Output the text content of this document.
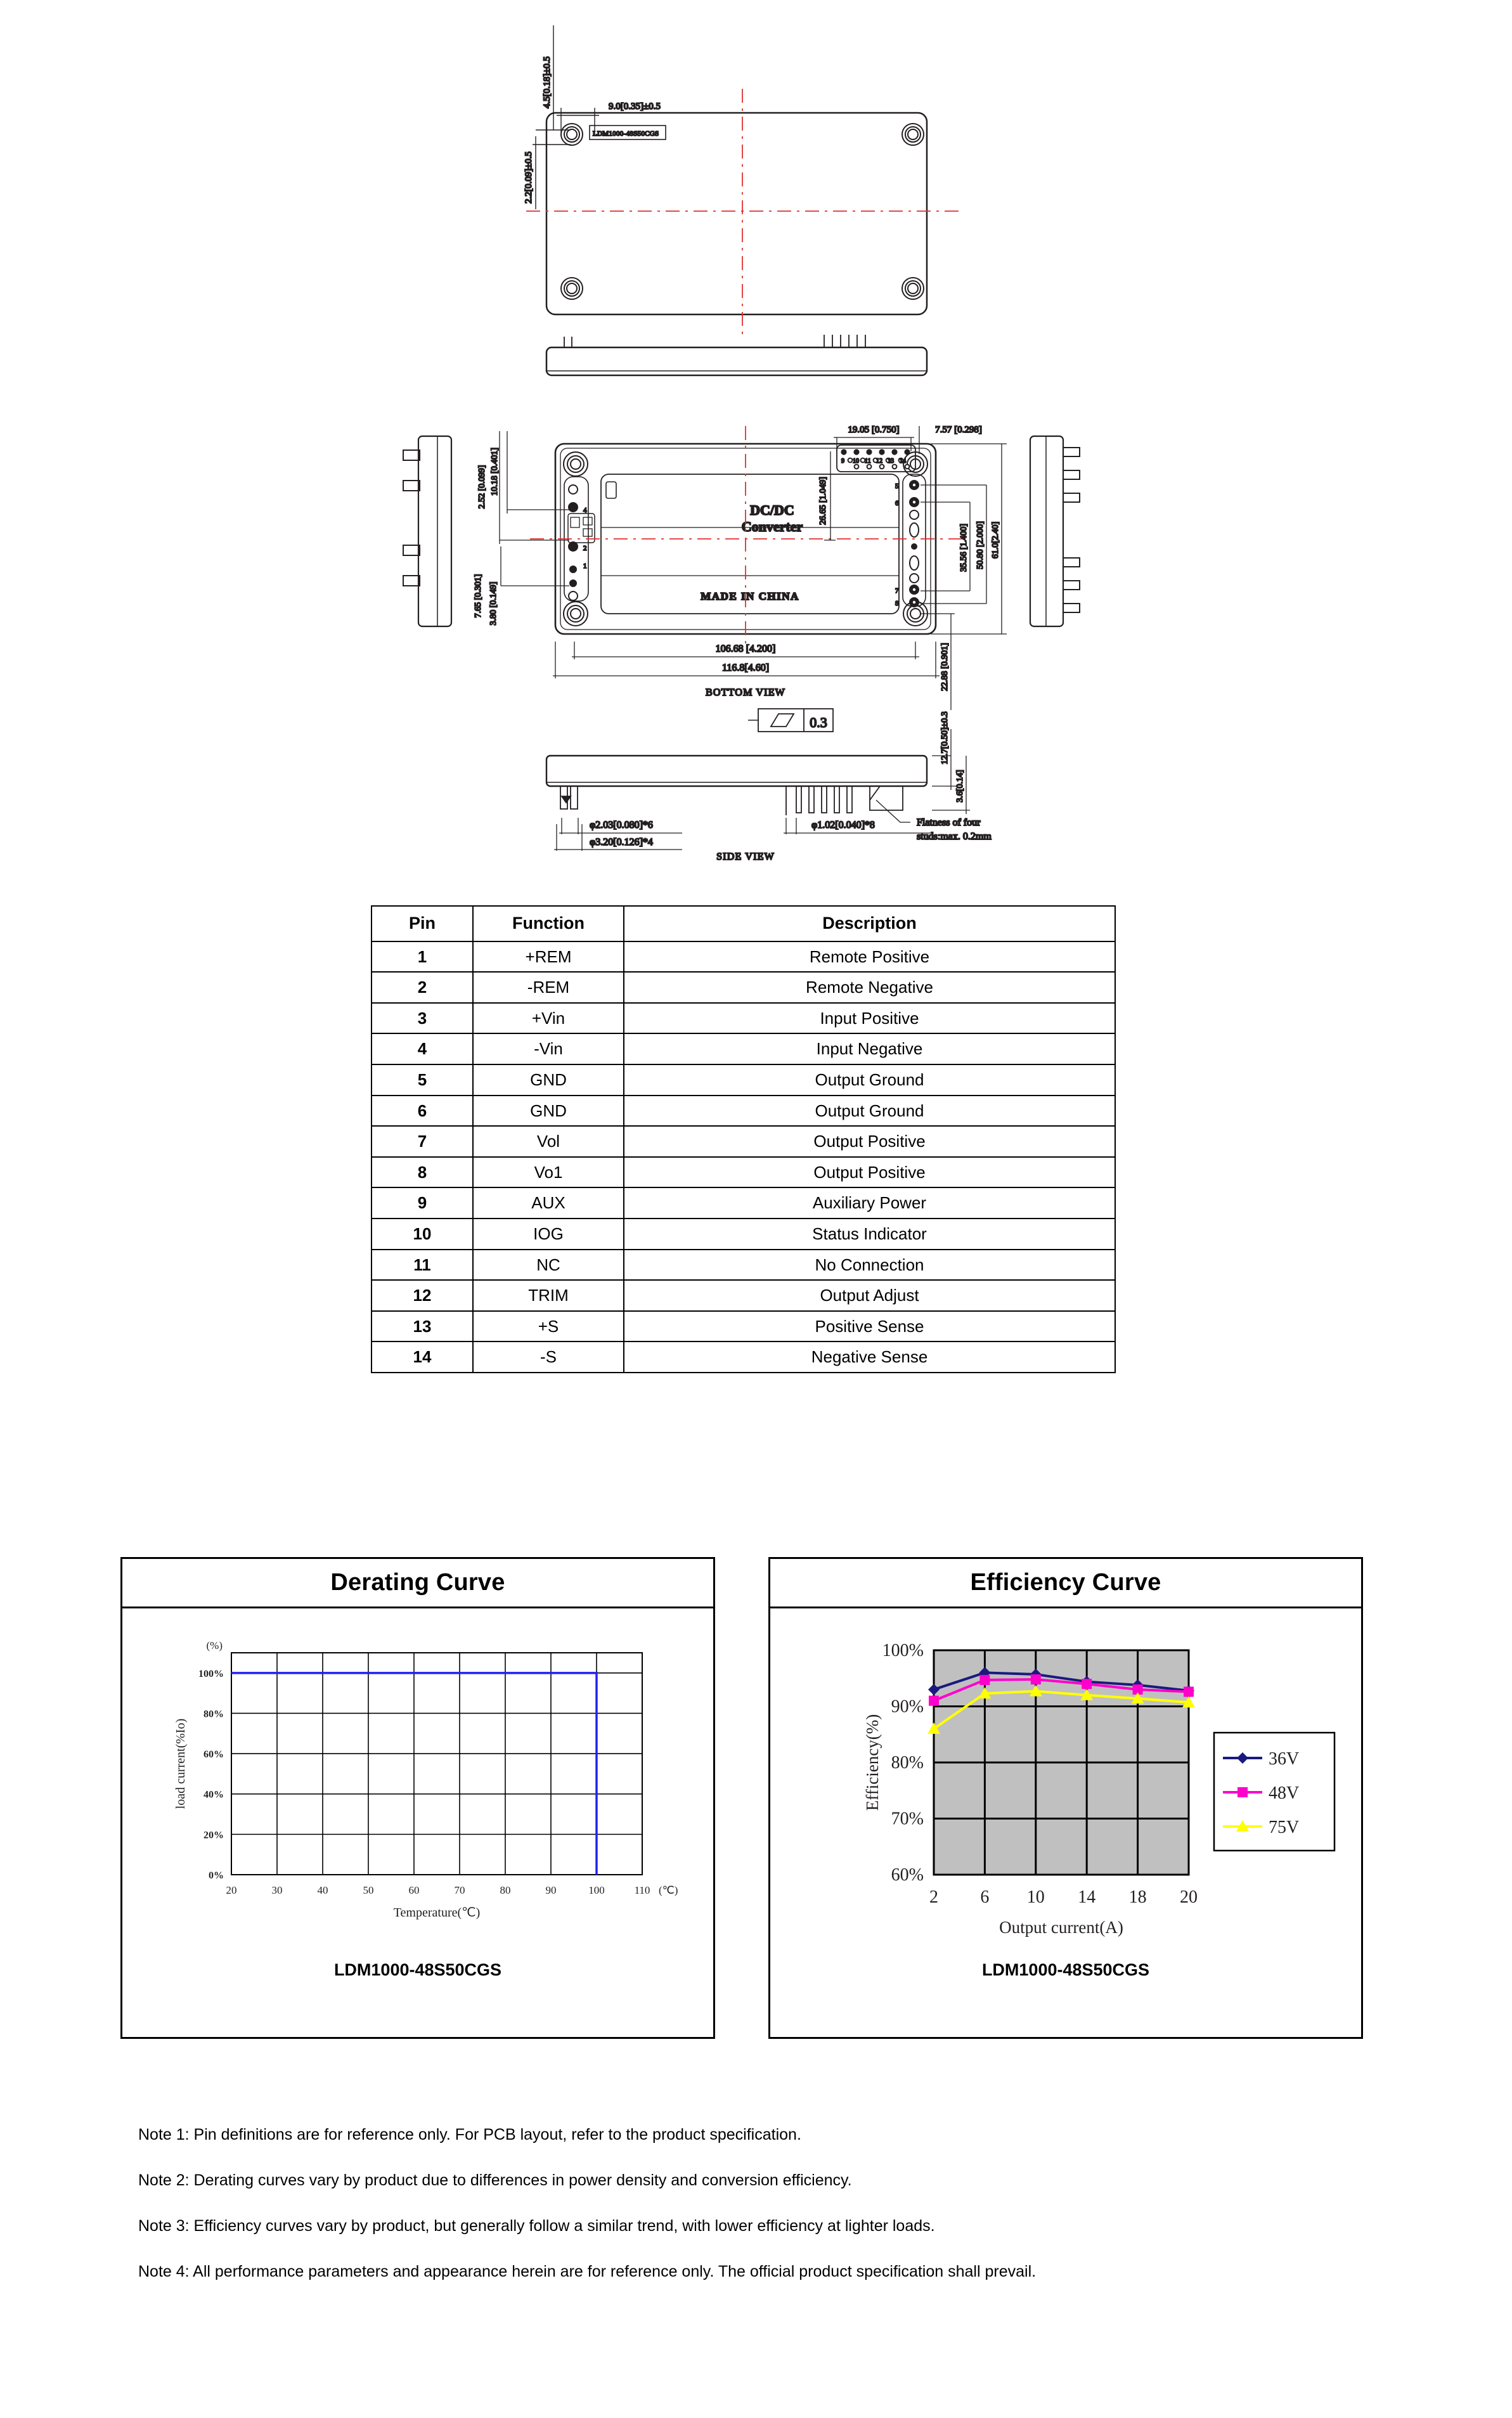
LDM1000-48S50CGS
4.5[0.18]±0.5
2.2[0.09]±0.5
9.0[0.35]±0.5
9 10 11 12 13 14
DC/DC
Converter
MADE IN CHINA
10.18 [0.401]
2.52 [0.099]
7.65 [0.301] 3.80 [0.149]
19.05 [0.750]	7.57 [0.298]
26.65 [1.049]
35.56 [1.400] 50.80 [2.000] 61.0[2.40]
22.88 [0.901]
4
2
1
5
6
7
8
106.68 [4.200]
116.8[4.60]
BOTTOM VIEW
0.3
φ2.03[0.080]*6
φ3.20[0.126]*4
φ1.02[0.040]*8
12.7[0.50]±0.3
3.6[0.14]
Flatness of four
studs:max. 0.2mm
SIDE VIEW
Pin	Function	Description
1	+REM	Remote Positive
2	-REM	Remote Negative
3	+Vin	Input Positive
4	-Vin	Input Negative
5	GND	Output Ground
6	GND	Output Ground
7	Vol	Output Positive
8	Vo1	Output Positive
9	AUX	Auxiliary Power
10	IOG	Status Indicator
11	NC	No Connection
12	TRIM	Output Adjust
13	+S	Positive Sense
14	-S	Negative Sense
Derating Curve
0%
20%
40%
60%
80%
100%
(%)
20	30	40	50	60	70	80	90	100	110 (℃)
Temperature(℃)
load current(%Io)
LDM1000-48S50CGS
Efficiency Curve
60%
70%
80%
90%
100%
2 6 10 14 18 20
Output current(A)
Efficiency(%)	36V
48V
75V
LDM1000-48S50CGS
Note 1: Pin definitions are for reference only. For PCB layout, refer to the product specification.
Note 2: Derating curves vary by product due to differences in power density and conversion efficiency.
Note 3: Efficiency curves vary by product, but generally follow a similar trend, with lower efficiency at lighter loads.
Note 4: All performance parameters and appearance herein are for reference only. The official product specification shall prevail.
